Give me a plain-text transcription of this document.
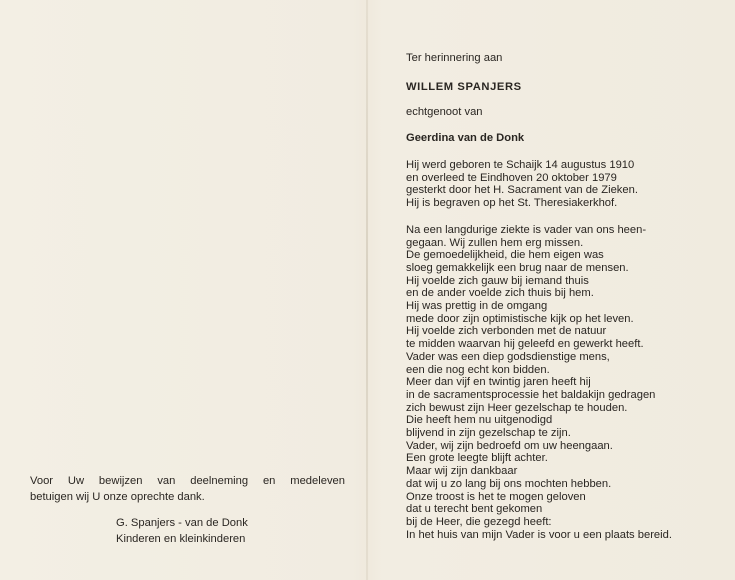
Voor Uw bewijzen van deelneming en medeleven

betuigen wij U onze oprechte dank.

G. Spanjers - van de Donk
Kinderen en kleinkinderen
Ter herinnering aan
WILLEM SPANJERS
echtgenoot van
Geerdina van de Donk
Hij werd geboren te Schaijk 14 augustus 1910
en overleed te Eindhoven 20 oktober 1979
gesterkt door het H. Sacrament van de Zieken.
Hij is begraven op het St. Theresiakerkhof.
Na een langdurige ziekte is vader van ons heen-
gegaan. Wij zullen hem erg missen.
De gemoedelijkheid, die hem eigen was
sloeg gemakkelijk een brug naar de mensen.
Hij voelde zich gauw bij iemand thuis
en de ander voelde zich thuis bij hem.
Hij was prettig in de omgang
mede door zijn optimistische kijk op het leven.
Hij voelde zich verbonden met de natuur
te midden waarvan hij geleefd en gewerkt heeft.
Vader was een diep godsdienstige mens,
een die nog echt kon bidden.
Meer dan vijf en twintig jaren heeft hij
in de sacramentsprocessie het baldakijn gedragen
zich bewust zijn Heer gezelschap te houden.
Die heeft hem nu uitgenodigd
blijvend in zijn gezelschap te zijn.
Vader, wij zijn bedroefd om uw heengaan.
Een grote leegte blijft achter.
Maar wij zijn dankbaar
dat wij u zo lang bij ons mochten hebben.
Onze troost is het te mogen geloven
dat u terecht bent gekomen
bij de Heer, die gezegd heeft:
In het huis van mijn Vader is voor u een plaats bereid.
